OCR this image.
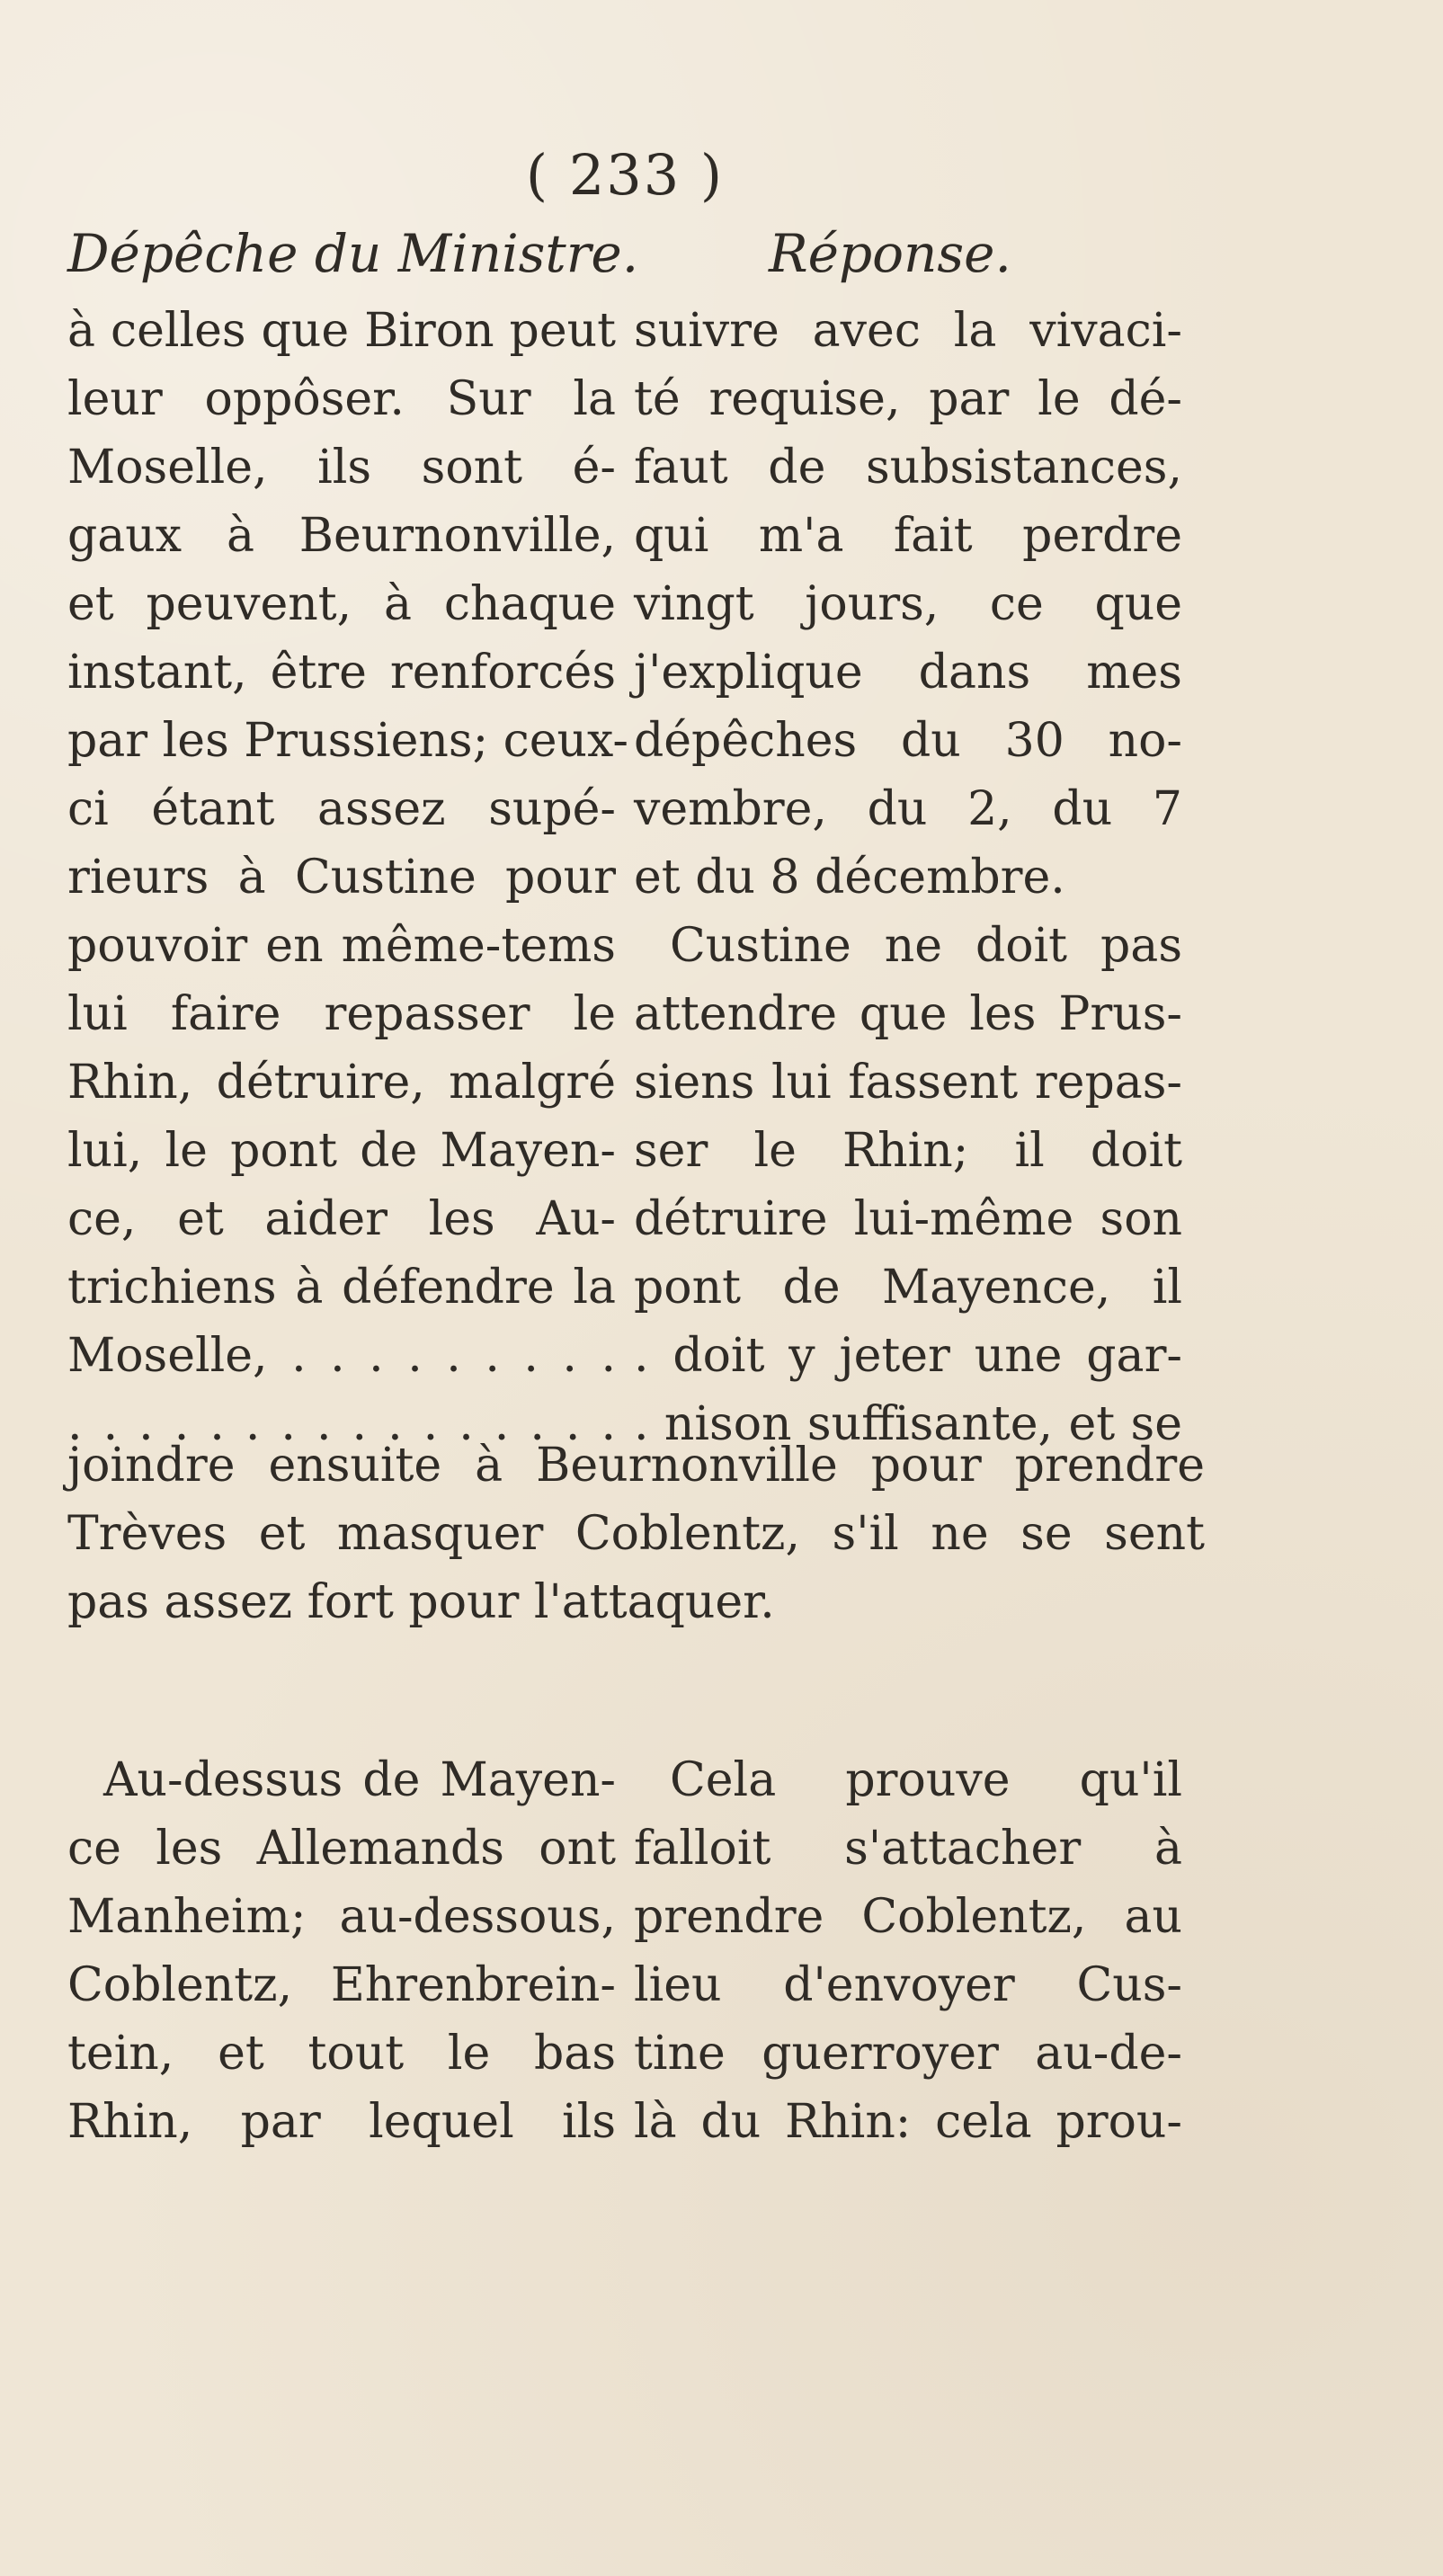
( 233 )
Dépêche du Ministre. Réponse.
à celles que Biron peut
leur oppôser. Sur la
Moselle, ils sont é-
gaux à Beurnonville,
et peuvent, à chaque
instant, être renforcés
par les Prussiens; ceux-
ci étant assez supé-
rieurs à Custine pour
pouvoir en même-tems
lui faire repasser le
Rhin, détruire, malgré
lui, le pont de Mayen-
ce, et aider les Au-
trichiens à défendre la
Moselle, . . . . . . . . .
. . . . . . . . . . . . . . . .
suivre avec la vivaci-
té requise, par le dé-
faut de subsistances,
qui m'a fait perdre
vingt jours, ce que
j'explique dans mes
dépêches du 30 no-
vembre, du 2, du 7
et du 8 décembre.
Custine ne doit pas
attendre que les Prus-
siens lui fassent repas-
ser le Rhin; il doit
détruire lui-même son
pont de Mayence, il
. doit y jeter une gar-
. nison suffisante, et se
joindre ensuite à Beurnonville pour prendre
Trèves et masquer Coblentz, s'il ne se sent
pas assez fort pour l'attaquer.
Au-dessus de Mayen-
ce les Allemands ont
Manheim; au-dessous,
Coblentz, Ehrenbrein-
tein, et tout le bas
Rhin, par lequel ils
Cela prouve qu'il
falloit s'attacher à
prendre Coblentz, au
lieu d'envoyer Cus-
tine guerroyer au-de-
là du Rhin: cela prou-
